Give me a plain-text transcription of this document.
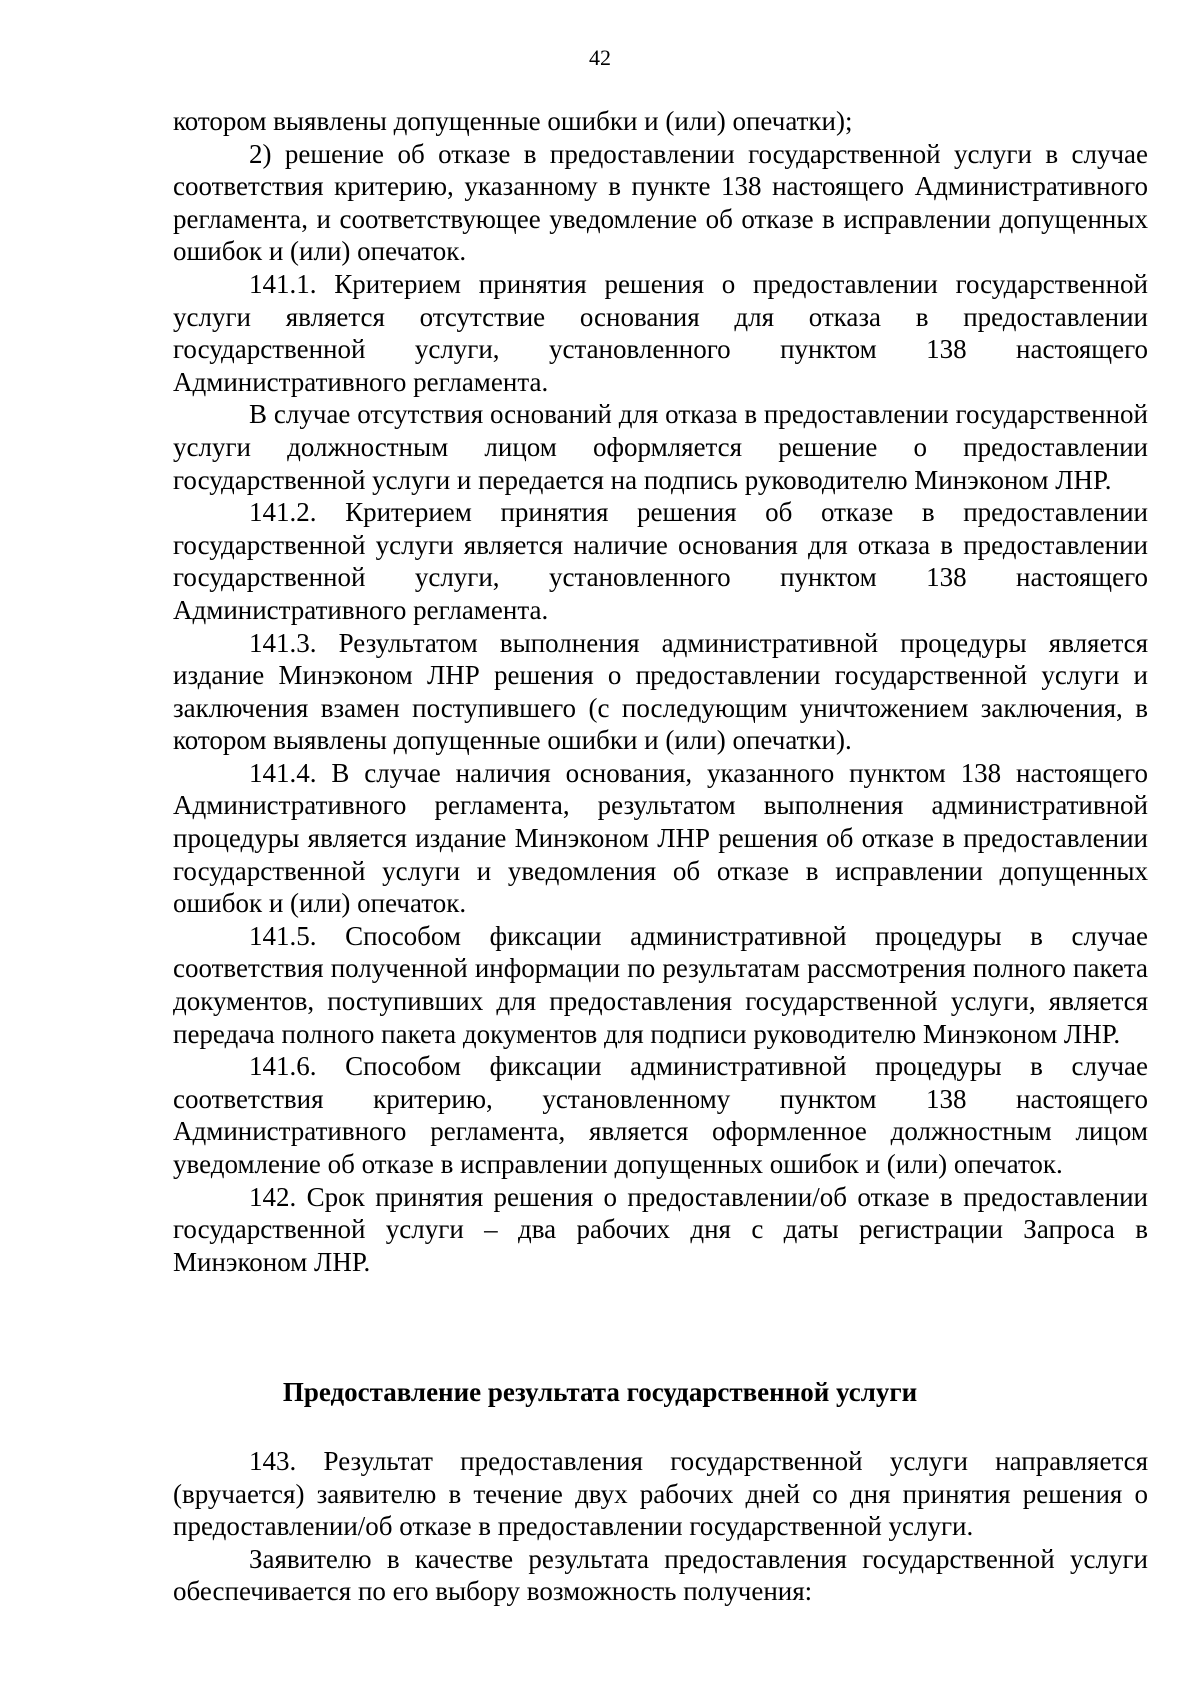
42

котором выявлены допущенные ошибки и (или) опечатки);

2) решение об отказе в предоставлении государственной услуги в случае соответствия критерию, указанному в пункте 138 настоящего Административного регламента, и соответствующее уведомление об отказе в исправлении допущенных ошибок и (или) опечаток.

141.1. Критерием принятия решения о предоставлении государственной услуги является отсутствие основания для отказа в предоставлении государственной услуги, установленного пунктом 138 настоящего Административного регламента.

В случае отсутствия оснований для отказа в предоставлении государственной услуги должностным лицом оформляется решение о предоставлении государственной услуги и передается на подпись руководителю Минэконом ЛНР.

141.2. Критерием принятия решения об отказе в предоставлении государственной услуги является наличие основания для отказа в предоставлении государственной услуги, установленного пунктом 138 настоящего Административного регламента.

141.3. Результатом выполнения административной процедуры является издание Минэконом ЛНР решения о предоставлении государственной услуги и заключения взамен поступившего (с последующим уничтожением заключения, в котором выявлены допущенные ошибки и (или) опечатки).

141.4. В случае наличия основания, указанного пунктом 138 настоящего Административного регламента, результатом выполнения административной процедуры является издание Минэконом ЛНР решения об отказе в предоставлении государственной услуги и уведомления об отказе в исправлении допущенных ошибок и (или) опечаток.

141.5. Способом фиксации административной процедуры в случае соответствия полученной информации по результатам рассмотрения полного пакета документов, поступивших для предоставления государственной услуги, является передача полного пакета документов для подписи руководителю Минэконом ЛНР.

141.6. Способом фиксации административной процедуры в случае соответствия критерию, установленному пунктом 138 настоящего Административного регламента, является оформленное должностным лицом уведомление об отказе в исправлении допущенных ошибок и (или) опечаток.

142. Срок принятия решения о предоставлении/об отказе в предоставлении государственной услуги – два рабочих дня с даты регистрации Запроса в Минэконом ЛНР.

Предоставление результата государственной услуги

143. Результат предоставления государственной услуги направляется (вручается) заявителю в течение двух рабочих дней со дня принятия решения о предоставлении/об отказе в предоставлении государственной услуги.

Заявителю в качестве результата предоставления государственной услуги обеспечивается по его выбору возможность получения:
